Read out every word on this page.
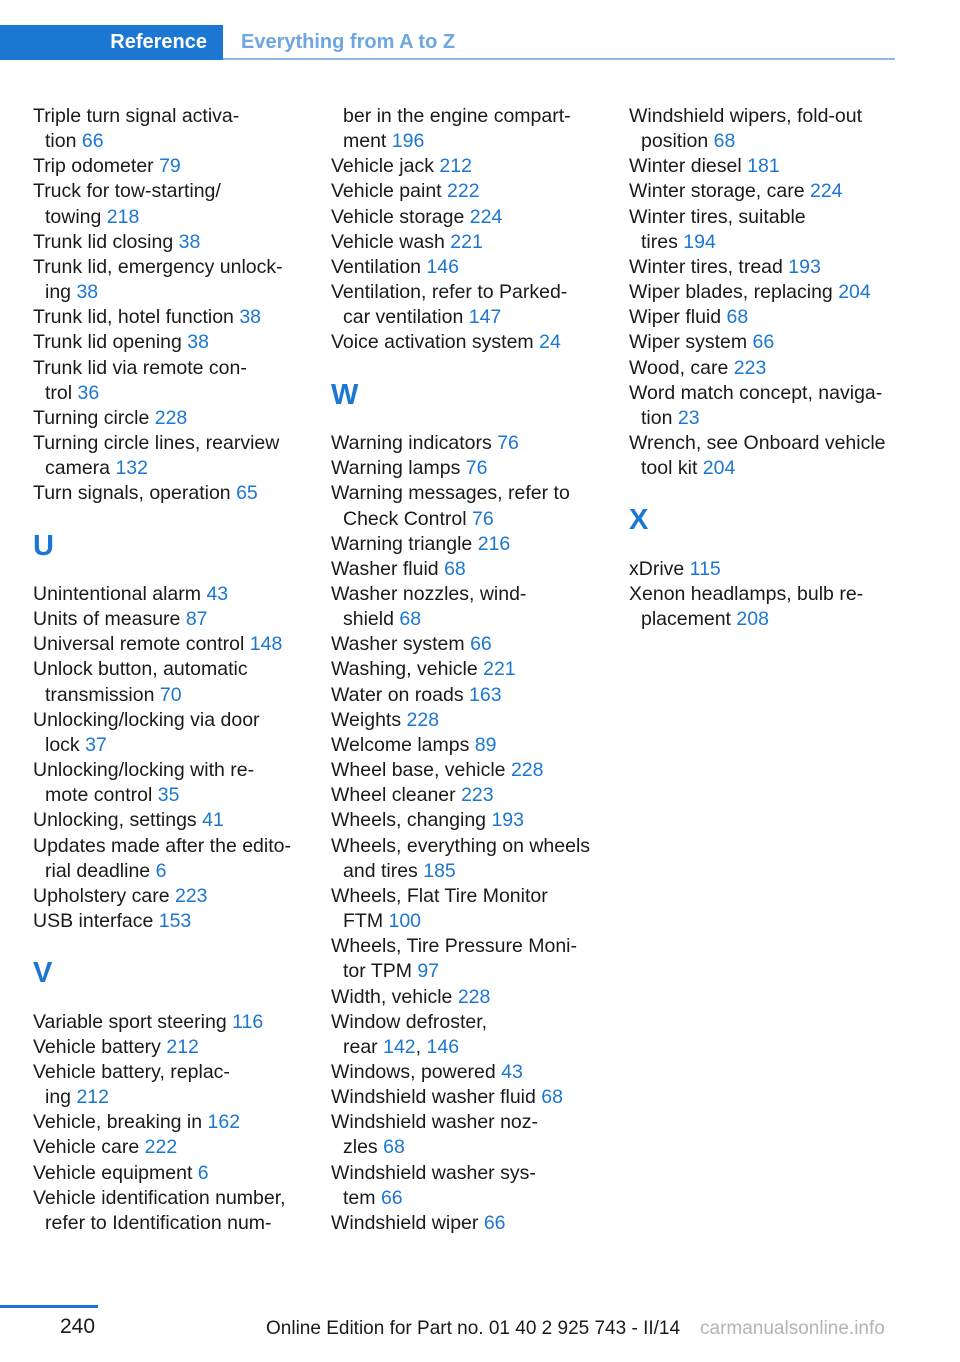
Reference	Everything from A to Z
Triple turn signal activa‐
tion 66
Trip odometer 79
Truck for tow-starting/
towing 218
Trunk lid closing 38
Trunk lid, emergency unlock‐
ing 38
Trunk lid, hotel function 38
Trunk lid opening 38
Trunk lid via remote con‐
trol 36
Turning circle 228
Turning circle lines, rearview
camera 132
Turn signals, operation 65
U
Unintentional alarm 43
Units of measure 87
Universal remote control 148
Unlock button, automatic
transmission 70
Unlocking/locking via door
lock 37
Unlocking/locking with re‐
mote control 35
Unlocking, settings 41
Updates made after the edito‐
rial deadline 6
Upholstery care 223
USB interface 153
V
Variable sport steering 116
Vehicle battery 212
Vehicle battery, replac‐
ing 212
Vehicle, breaking in 162
Vehicle care 222
Vehicle equipment 6
Vehicle identification number,
refer to Identification num‐
ber in the engine compart‐
ment 196
Vehicle jack 212
Vehicle paint 222
Vehicle storage 224
Vehicle wash 221
Ventilation 146
Ventilation, refer to Parked-
car ventilation 147
Voice activation system 24
W
Warning indicators 76
Warning lamps 76
Warning messages, refer to
Check Control 76
Warning triangle 216
Washer fluid 68
Washer nozzles, wind‐
shield 68
Washer system 66
Washing, vehicle 221
Water on roads 163
Weights 228
Welcome lamps 89
Wheel base, vehicle 228
Wheel cleaner 223
Wheels, changing 193
Wheels, everything on wheels
and tires 185
Wheels, Flat Tire Monitor
FTM 100
Wheels, Tire Pressure Moni‐
tor TPM 97
Width, vehicle 228
Window defroster,
rear 142, 146
Windows, powered 43
Windshield washer fluid 68
Windshield washer noz‐
zles 68
Windshield washer sys‐
tem 66
Windshield wiper 66
Windshield wipers, fold-out
position 68
Winter diesel 181
Winter storage, care 224
Winter tires, suitable
tires 194
Winter tires, tread 193
Wiper blades, replacing 204
Wiper fluid 68
Wiper system 66
Wood, care 223
Word match concept, naviga‐
tion 23
Wrench, see Onboard vehicle
tool kit 204
X
xDrive 115
Xenon headlamps, bulb re‐
placement 208
240	Online Edition for Part no. 01 40 2 925 743 - II/14 carmanualsonline.info
